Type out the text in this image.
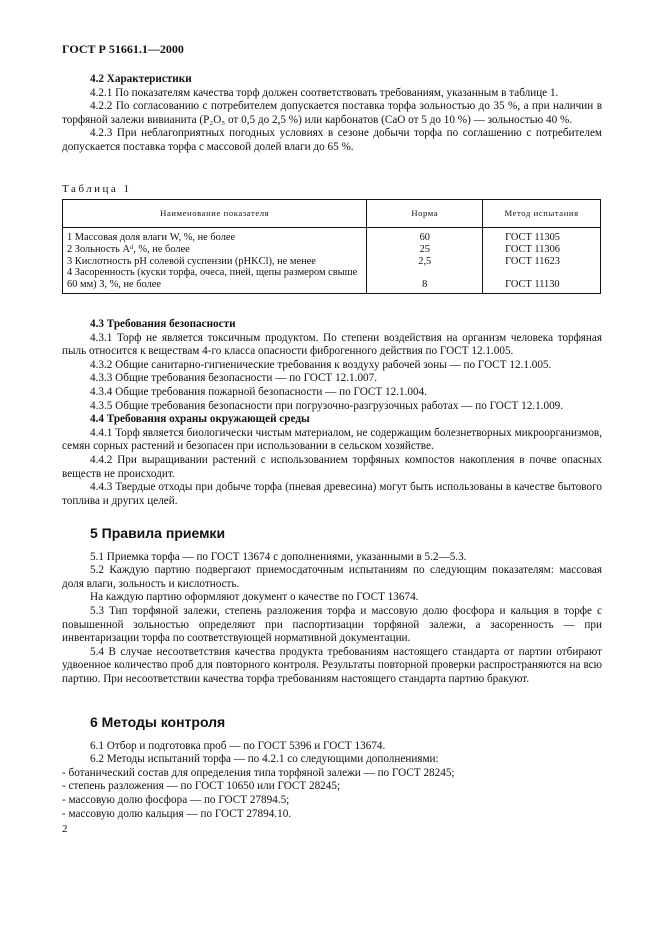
ГОСТ Р 51661.1—2000

4.2 Характеристики

4.2.1 По показателям качества торф должен соответствовать требованиям, указанным в таблице 1.

4.2.2 По согласованию с потребителем допускается поставка торфа зольностью до 35 %, а при наличии в торфяной залежи вивианита (P₂O₅ от 0,5 до 2,5 %) или карбонатов (СаО от 5 до 10 %) — зольностью 40 %.

4.2.3 При неблагоприятных погодных условиях в сезоне добычи торфа по соглашению с потребителем допускается поставка торфа с массовой долей влаги до 65 %.

Таблица 1
Наименование показателя	Норма	Метод испытания
1 Массовая доля влаги W, %, не более	60	ГОСТ 11305
2 Зольность Aᵈ, %, не более	25	ГОСТ 11306
3 Кислотность pH солевой суспензии (pHKCl), не менее	2,5	ГОСТ 11623
4 Засоренность (куски торфа, очеса, пней, щепы размером свыше 60 мм) З, %, не более	8	ГОСТ 11130

4.3 Требования безопасности

4.3.1 Торф не является токсичным продуктом. По степени воздействия на организм человека торфяная пыль относится к веществам 4-го класса опасности фиброгенного действия по ГОСТ 12.1.005.

4.3.2 Общие санитарно-гигиенические требования к воздуху рабочей зоны — по ГОСТ 12.1.005.

4.3.3 Общие требования безопасности — по ГОСТ 12.1.007.

4.3.4 Общие требования пожарной безопасности — по ГОСТ 12.1.004.

4.3.5 Общие требования безопасности при погрузочно-разгрузочных работах — по ГОСТ 12.1.009.

4.4 Требования охраны окружающей среды

4.4.1 Торф является биологически чистым материалом, не содержащим болезнетворных микроорганизмов, семян сорных растений и безопасен при использовании в сельском хозяйстве.

4.4.2 При выращивании растений с использованием торфяных компостов накопления в почве опасных веществ не происходит.

4.4.3 Твердые отходы при добыче торфа (пневая древесина) могут быть использованы в качестве бытового топлива и других целей.

5 Правила приемки

5.1 Приемка торфа — по ГОСТ 13674 с дополнениями, указанными в 5.2—5.3.

5.2 Каждую партию подвергают приемосдаточным испытаниям по следующим показателям: массовая доля влаги, зольность и кислотность.

На каждую партию оформляют документ о качестве по ГОСТ 13674.

5.3 Тип торфяной залежи, степень разложения торфа и массовую долю фосфора и кальция в торфе с повышенной зольностью определяют при паспортизации торфяной залежи, а засоренность — при инвентаризации торфа по соответствующей нормативной документации.

5.4 В случае несоответствия качества продукта требованиям настоящего стандарта от партии отбирают удвоенное количество проб для повторного контроля. Результаты повторной проверки распространяются на всю партию. При несоответствии качества торфа требованиям настоящего стандарта партию бракуют.

6 Методы контроля

6.1 Отбор и подготовка проб — по ГОСТ 5396 и ГОСТ 13674.

6.2 Методы испытаний торфа — по 4.2.1 со следующими дополнениями:

- ботанический состав для определения типа торфяной залежи — по ГОСТ 28245;

- степень разложения — по ГОСТ 10650 или ГОСТ 28245;

- массовую долю фосфора — по ГОСТ 27894.5;

- массовую долю кальция — по ГОСТ 27894.10.

2
